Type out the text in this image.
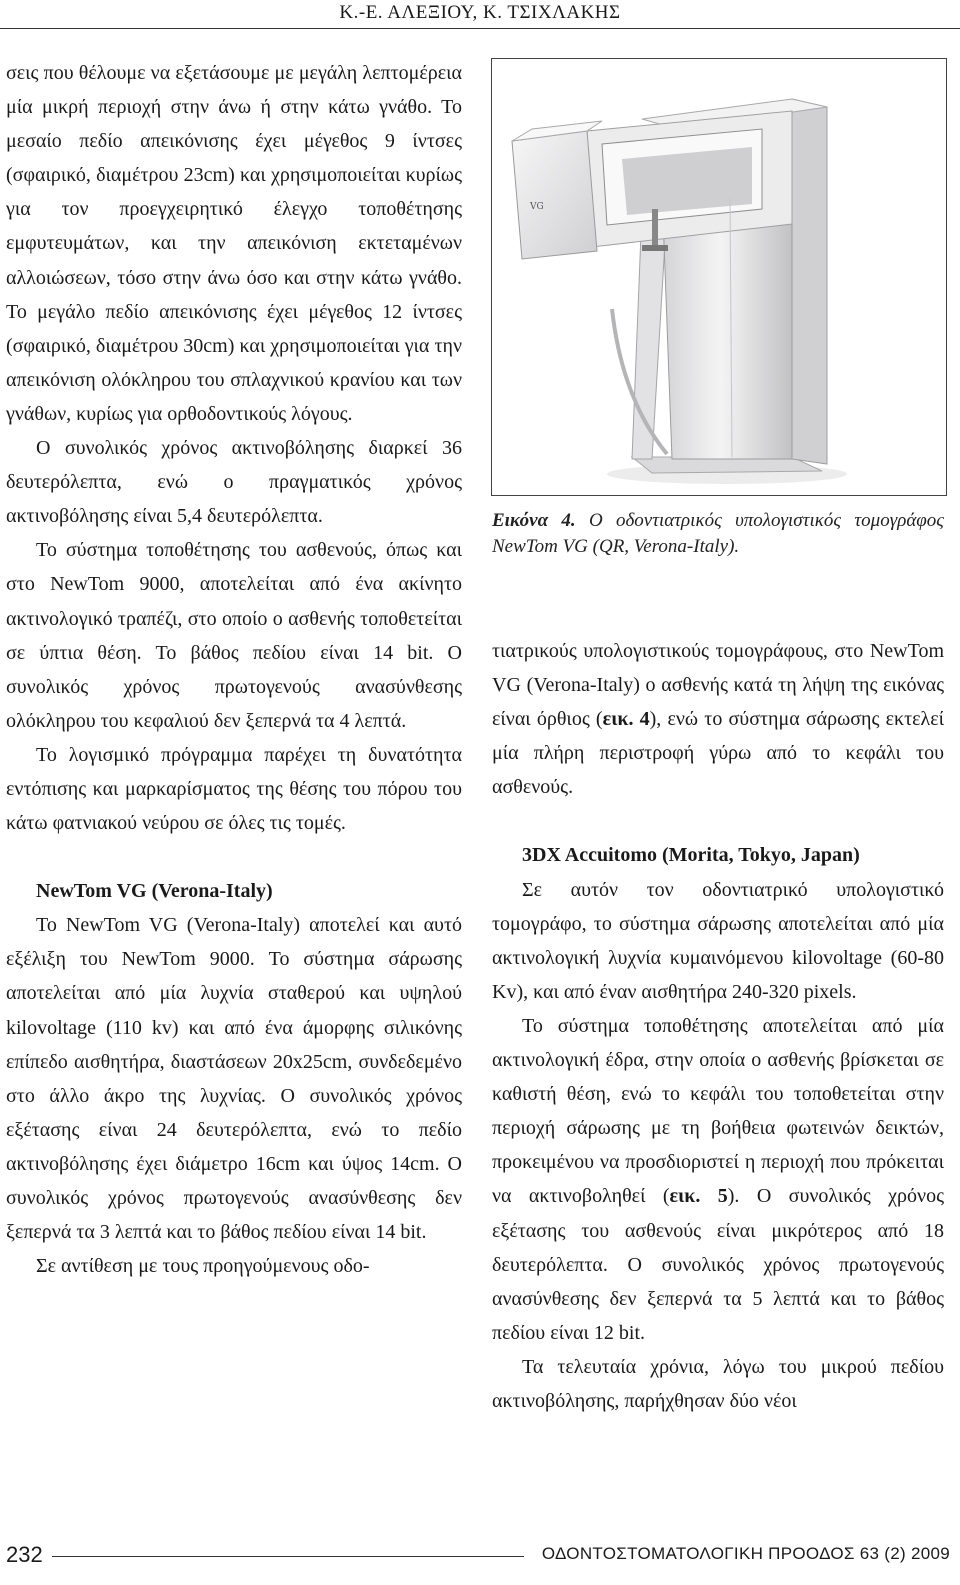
Κ.-Ε. ΑΛΕΞΙΟΥ, Κ. ΤΣΙΧΛΑΚΗΣ

σεις που θέλουμε να εξετάσουμε με μεγάλη λεπτομέρεια μία μικρή περιοχή στην άνω ή στην κάτω γνάθο. Το μεσαίο πεδίο απεικόνισης έχει μέγεθος 9 ίντσες (σφαιρικό, διαμέτρου 23cm) και χρησιμοποιείται κυρίως για τον προεγχειρητικό έλεγχο τοποθέτησης εμφυτευμάτων, και την απεικόνιση εκτεταμένων αλλοιώσεων, τόσο στην άνω όσο και στην κάτω γνάθο. Το μεγάλο πεδίο απεικόνισης έχει μέγεθος 12 ίντσες (σφαιρικό, διαμέτρου 30cm) και χρησιμοποιείται για την απεικόνιση ολόκληρου του σπλαχνικού κρανίου και των γνάθων, κυρίως για ορθοδοντικούς λόγους.

Ο συνολικός χρόνος ακτινοβόλησης διαρκεί 36 δευτερόλεπτα, ενώ ο πραγματικός χρόνος ακτινοβόλησης είναι 5,4 δευτερόλεπτα.

Το σύστημα τοποθέτησης του ασθενούς, όπως και στο NewTom 9000, αποτελείται από ένα ακίνητο ακτινολογικό τραπέζι, στο οποίο ο ασθενής τοποθετείται σε ύπτια θέση. Το βάθος πεδίου είναι 14 bit. Ο συνολικός χρόνος πρωτογενούς ανασύνθεσης ολόκληρου του κεφαλιού δεν ξεπερνά τα 4 λεπτά.

Το λογισμικό πρόγραμμα παρέχει τη δυνατότητα εντόπισης και μαρκαρίσματος της θέσης του πόρου του κάτω φατνιακού νεύρου σε όλες τις τομές.

NewTom VG (Verona-Italy)

Το NewTom VG (Verona-Italy) αποτελεί και αυτό εξέλιξη του NewTom 9000. Το σύστημα σάρωσης αποτελείται από μία λυχνία σταθερού και υψηλού kilovoltage (110 kv) και από ένα άμορφης σιλικόνης επίπεδο αισθητήρα, διαστάσεων 20x25cm, συνδεδεμένο στο άλλο άκρο της λυχνίας. Ο συνολικός χρόνος εξέτασης είναι 24 δευτερόλεπτα, ενώ το πεδίο ακτινοβόλησης έχει διάμετρο 16cm και ύψος 14cm. Ο συνολικός χρόνος πρωτογενούς ανασύνθεσης δεν ξεπερνά τα 3 λεπτά και το βάθος πεδίου είναι 14 bit.

Σε αντίθεση με τους προηγούμενους οδο-

VG
Εικόνα 4. Ο οδοντιατρικός υπολογιστικός τομογράφος NewTom VG (QR, Verona-Italy).

τιατρικούς υπολογιστικούς τομογράφους, στο NewTom VG (Verona-Italy) ο ασθενής κατά τη λήψη της εικόνας είναι όρθιος (εικ. 4), ενώ το σύστημα σάρωσης εκτελεί μία πλήρη περιστροφή γύρω από το κεφάλι του ασθενούς.

3DX Accuitomo (Morita, Tokyo, Japan)

Σε αυτόν τον οδοντιατρικό υπολογιστικό τομογράφο, το σύστημα σάρωσης αποτελείται από μία ακτινολογική λυχνία κυμαινόμενου kilovoltage (60-80 Kv), και από έναν αισθητήρα 240-320 pixels.

Το σύστημα τοποθέτησης αποτελείται από μία ακτινολογική έδρα, στην οποία ο ασθενής βρίσκεται σε καθιστή θέση, ενώ το κεφάλι του τοποθετείται στην περιοχή σάρωσης με τη βοήθεια φωτεινών δεικτών, προκειμένου να προσδιοριστεί η περιοχή που πρόκειται να ακτινοβοληθεί (εικ. 5). Ο συνολικός χρόνος εξέτασης του ασθενούς είναι μικρότερος από 18 δευτερόλεπτα. Ο συνολικός χρόνος πρωτογενούς ανασύνθεσης δεν ξεπερνά τα 5 λεπτά και το βάθος πεδίου είναι 12 bit.

Τα τελευταία χρόνια, λόγω του μικρού πεδίου ακτινοβόλησης, παρήχθησαν δύο νέοι

232	ΟΔΟΝΤΟΣΤΟΜΑΤΟΛΟΓΙΚΗ ΠΡΟΟΔΟΣ 63 (2) 2009
